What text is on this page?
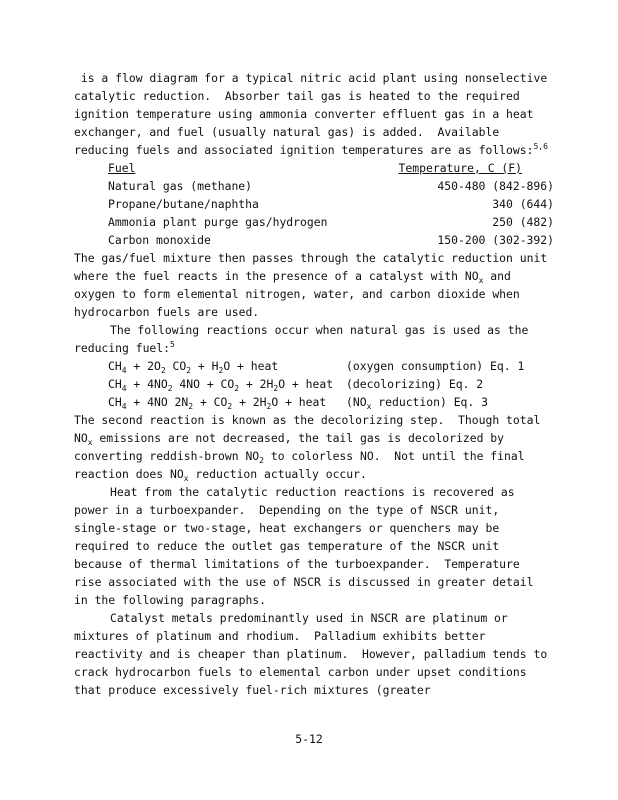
is a flow diagram for a typical nitric acid plant using nonselective catalytic reduction.  Absorber tail gas is heated to the required ignition temperature using ammonia converter effluent gas in a heat exchanger, and fuel (usually natural gas) is added.  Available reducing fuels and associated ignition temperatures are as follows:$^{5,6}$

Fuel	Temperature, C (F)
Natural gas (methane)	450-480 (842-896)
Propane/butane/naphtha	340 (644)
Ammonia plant purge gas/hydrogen	250 (482)
Carbon monoxide	150-200 (302-392)

The gas/fuel mixture then passes through the catalytic reduction unit where the fuel reacts in the presence of a catalyst with $NO_x$ and oxygen to form elemental nitrogen, water, and carbon dioxide when hydrocarbon fuels are used.

The following reactions occur when natural gas is used as the reducing fuel:$^5$

$CH_4 + 2O_2$ $CO_2 + H_2O$ + heat	(oxygen consumption) Eq. 1
$CH_4 + 4NO_2$ $4NO + CO_2 + 2H_2O$ + heat (decolorizing) Eq. 2
$CH_4 + 4NO$ $2N_2 + CO_2 + 2H_2O$ + heat ($NO_x$ reduction) Eq. 3

The second reaction is known as the decolorizing step.  Though total $NO_x$ emissions are not decreased, the tail gas is decolorized by converting reddish-brown $NO_2$ to colorless NO.  Not until the final reaction does $NO_x$ reduction actually occur.

Heat from the catalytic reduction reactions is recovered as power in a turboexpander.  Depending on the type of NSCR unit, single-stage or two-stage, heat exchangers or quenchers may be required to reduce the outlet gas temperature of the NSCR unit because of thermal limitations of the turboexpander.  Temperature rise associated with the use of NSCR is discussed in greater detail in the following paragraphs.

Catalyst metals predominantly used in NSCR are platinum or mixtures of platinum and rhodium.  Palladium exhibits better reactivity and is cheaper than platinum.  However, palladium tends to crack hydrocarbon fuels to elemental carbon under upset conditions that produce excessively fuel-rich mixtures (greater

5-12
